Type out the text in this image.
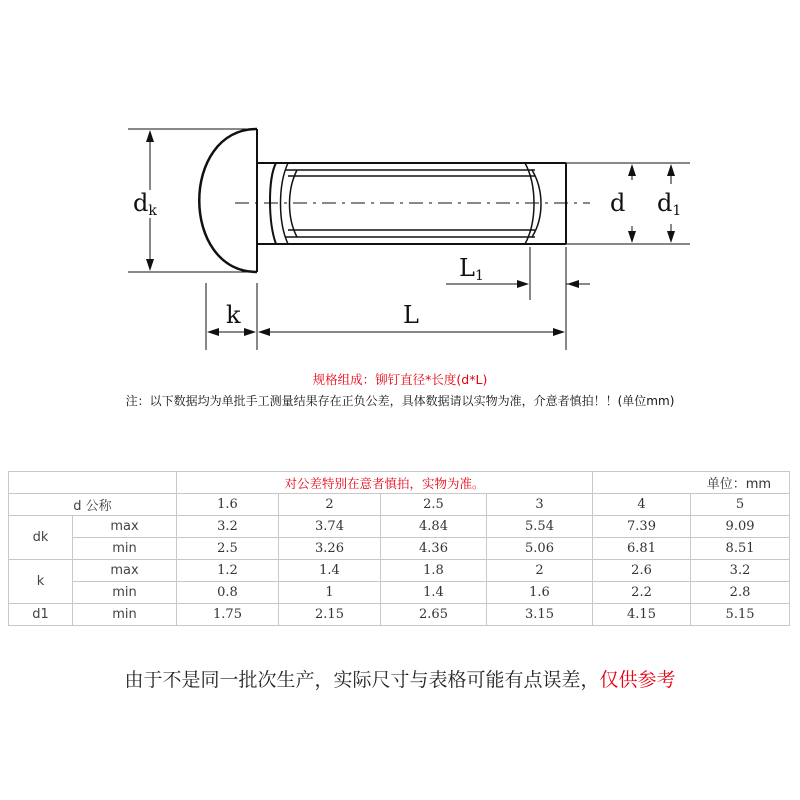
dk	d d1
L1
k	L
规格组成：铆钉直径*长度(d*L)
注：以下数据均为单批手工测量结果存在正负公差，具体数据请以实物为准，介意者慎拍！！(单位mm)
		对公差特别在意者慎拍，实物为准。				单位：mm	
d 公称		1.6	2	2.5	3	4	5
dk	max	3.2	3.74	4.84	5.54	7.39	9.09
	min	2.5	3.26	4.36	5.06	6.81	8.51
k	max	1.2	1.4	1.8	2	2.6	3.2
	min	0.8	1	1.4	1.6	2.2	2.8
d1	min	1.75	2.15	2.65	3.15	4.15	5.15
由于不是同一批次生产，实际尺寸与表格可能有点误差，仅供参考
